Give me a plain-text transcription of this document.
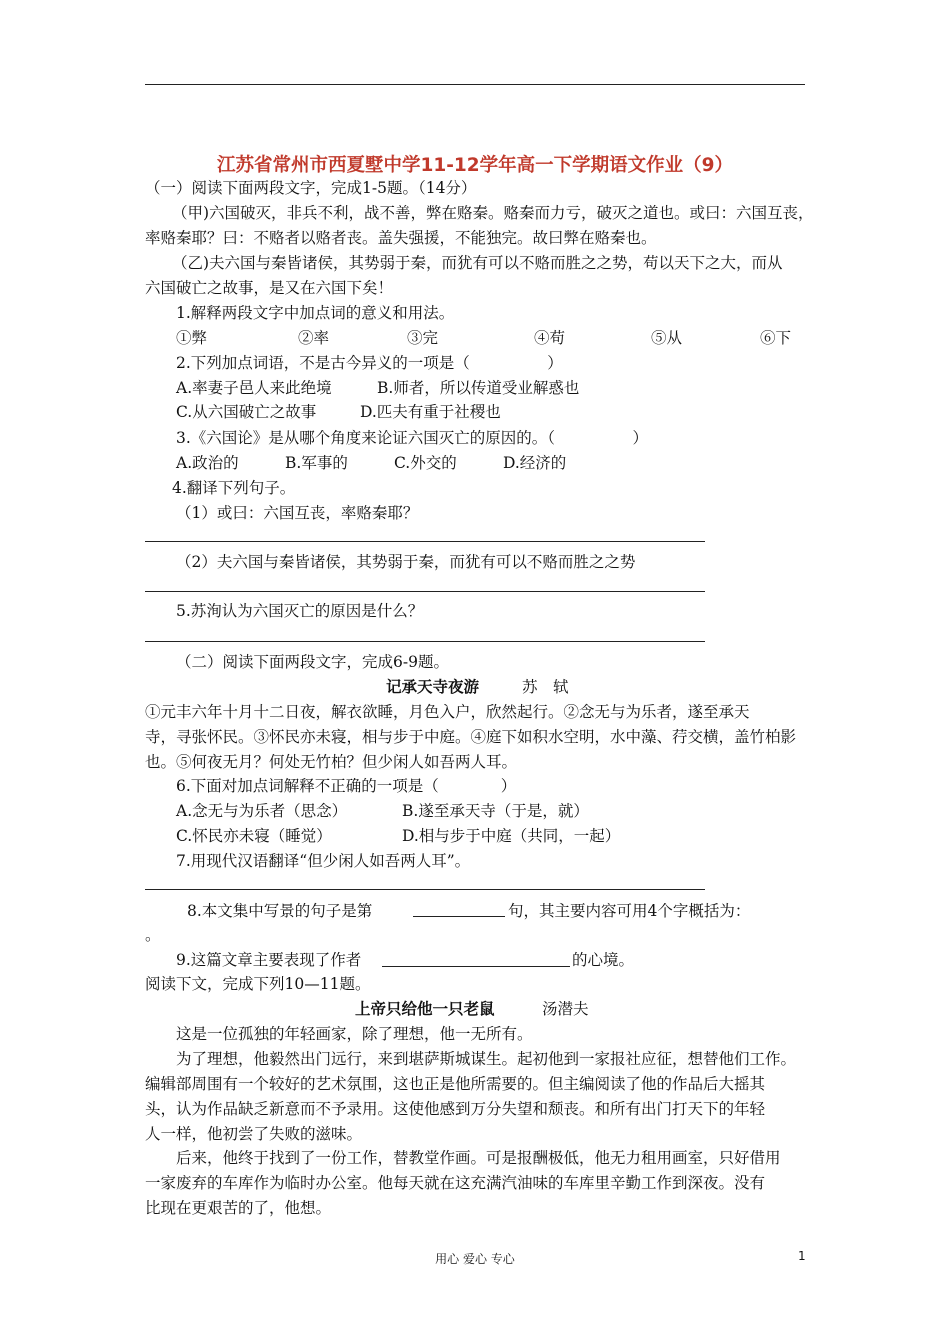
江苏省常州市西夏墅中学11-12学年高一下学期语文作业（9）
（一）阅读下面两段文字，完成1-5题。（14分）
（甲)六国破灭，非兵不利，战不善，弊在赂秦。赂秦而力亏，破灭之道也。或曰：六国互丧，
率赂秦耶？曰：不赂者以赂者丧。盖失强援，不能独完。故曰弊在赂秦也。
（乙)夫六国与秦皆诸侯，其势弱于秦，而犹有可以不赂而胜之之势，苟以天下之大，而从
六国破亡之故事，是又在六国下矣！
1.解释两段文字中加点词的意义和用法。
①弊	②率	③完	④苟	⑤从	⑥下
2.下列加点词语，不是古今异义的一项是（　　　　　）
A.率妻子邑人来此绝境	B.师者，所以传道受业解惑也
C.从六国破亡之故事	D.匹夫有重于社稷也
3.《六国论》是从哪个角度来论证六国灭亡的原因的。（　　　　　）
A.政治的	B.军事的	C.外交的	D.经济的
4.翻译下列句子。
（1）或曰：六国互丧，率赂秦耶？
（2）夫六国与秦皆诸侯，其势弱于秦，而犹有可以不赂而胜之之势
5.苏洵认为六国灭亡的原因是什么？
（二）阅读下面两段文字，完成6-9题。
记承天寺夜游	苏　轼
①元丰六年十月十二日夜，解衣欲睡，月色入户，欣然起行。②念无与为乐者，遂至承天
寺，寻张怀民。③怀民亦未寝，相与步于中庭。④庭下如积水空明，水中藻、荇交横，盖竹柏影
也。⑤何夜无月？何处无竹柏？但少闲人如吾两人耳。
6.下面对加点词解释不正确的一项是（　　　　）
A.念无与为乐者（思念）	B.遂至承天寺（于是，就）
C.怀民亦未寝（睡觉）	D.相与步于中庭（共同，一起）
7.用现代汉语翻译“但少闲人如吾两人耳”。
8.本文集中写景的句子是第	句，其主要内容可用4个字概括为：
。
9.这篇文章主要表现了作者	的心境。
阅读下文，完成下列10—11题。
上帝只给他一只老鼠	汤潜夫
这是一位孤独的年轻画家，除了理想，他一无所有。
为了理想，他毅然出门远行，来到堪萨斯城谋生。起初他到一家报社应征，想替他们工作。
编辑部周围有一个较好的艺术氛围，这也正是他所需要的。但主编阅读了他的作品后大摇其
头，认为作品缺乏新意而不予录用。这使他感到万分失望和颓丧。和所有出门打天下的年轻
人一样，他初尝了失败的滋味。
后来，他终于找到了一份工作，替教堂作画。可是报酬极低，他无力租用画室，只好借用
一家废弃的车库作为临时办公室。他每天就在这充满汽油味的车库里辛勤工作到深夜。没有
比现在更艰苦的了，他想。
用心 爱心 专心	1
